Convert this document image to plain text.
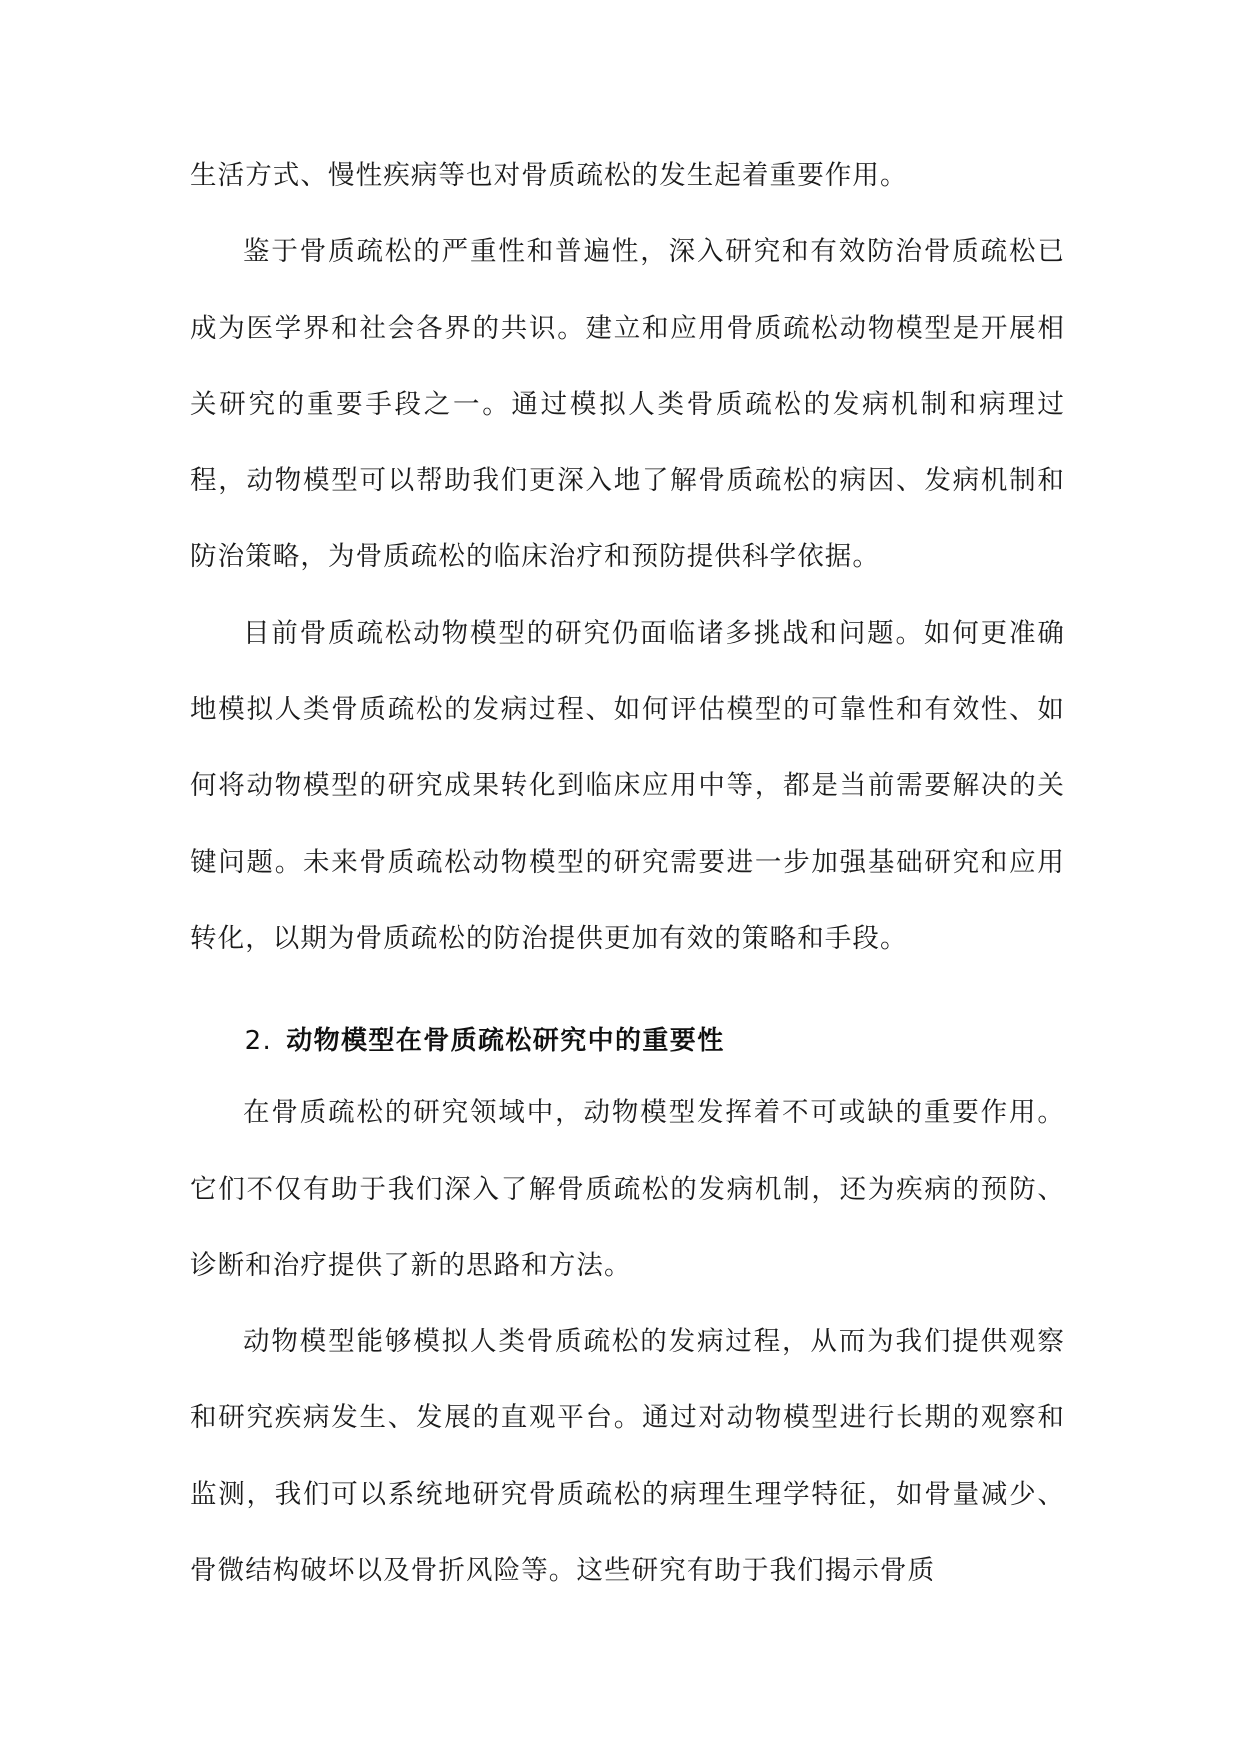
生活方式、慢性疾病等也对骨质疏松的发生起着重要作用。

鉴于骨质疏松的严重性和普遍性，深入研究和有效防治骨质疏松已成为医学界和社会各界的共识。建立和应用骨质疏松动物模型是开展相关研究的重要手段之一。通过模拟人类骨质疏松的发病机制和病理过程，动物模型可以帮助我们更深入地了解骨质疏松的病因、发病机制和防治策略，为骨质疏松的临床治疗和预防提供科学依据。

目前骨质疏松动物模型的研究仍面临诸多挑战和问题。如何更准确地模拟人类骨质疏松的发病过程、如何评估模型的可靠性和有效性、如何将动物模型的研究成果转化到临床应用中等，都是当前需要解决的关键问题。未来骨质疏松动物模型的研究需要进一步加强基础研究和应用转化，以期为骨质疏松的防治提供更加有效的策略和手段。

2. 动物模型在骨质疏松研究中的重要性

在骨质疏松的研究领域中，动物模型发挥着不可或缺的重要作用。它们不仅有助于我们深入了解骨质疏松的发病机制，还为疾病的预防、诊断和治疗提供了新的思路和方法。

动物模型能够模拟人类骨质疏松的发病过程，从而为我们提供观察和研究疾病发生、发展的直观平台。通过对动物模型进行长期的观察和监测，我们可以系统地研究骨质疏松的病理生理学特征，如骨量减少、骨微结构破坏以及骨折风险等。这些研究有助于我们揭示骨质
